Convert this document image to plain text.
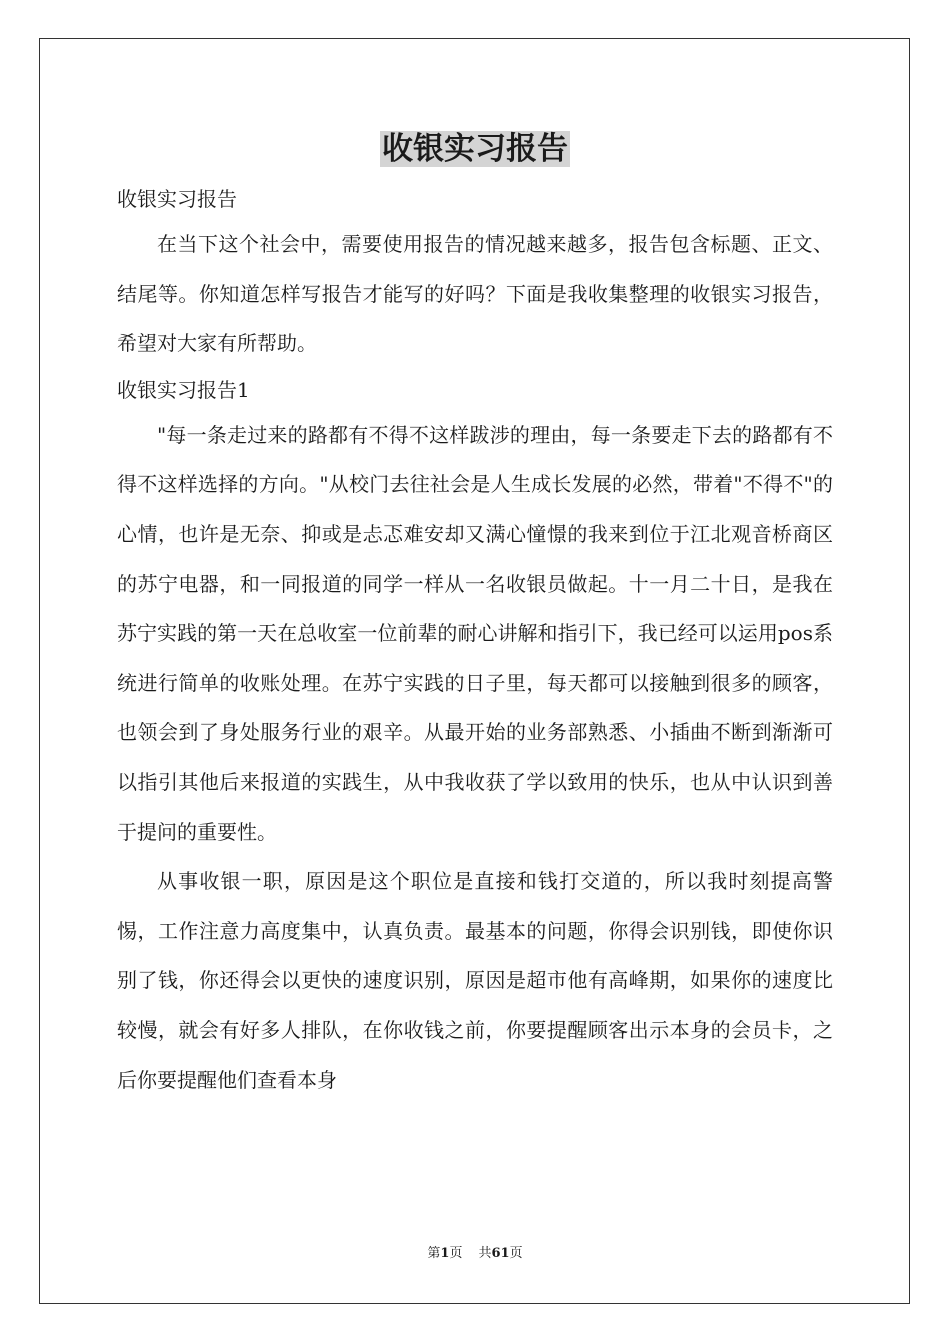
收银实习报告

收银实习报告

在当下这个社会中，需要使用报告的情况越来越多，报告包含标题、正文、结尾等。你知道怎样写报告才能写的好吗？下面是我收集整理的收银实习报告，希望对大家有所帮助。

收银实习报告1

"每一条走过来的路都有不得不这样跋涉的理由，每一条要走下去的路都有不得不这样选择的方向。"从校门去往社会是人生成长发展的必然，带着"不得不"的心情，也许是无奈、抑或是忐忑难安却又满心憧憬的我来到位于江北观音桥商区的苏宁电器，和一同报道的同学一样从一名收银员做起。十一月二十日，是我在苏宁实践的第一天在总收室一位前辈的耐心讲解和指引下，我已经可以运用pos系统进行简单的收账处理。在苏宁实践的日子里，每天都可以接触到很多的顾客，也领会到了身处服务行业的艰辛。从最开始的业务部熟悉、小插曲不断到渐渐可以指引其他后来报道的实践生，从中我收获了学以致用的快乐，也从中认识到善于提问的重要性。

从事收银一职，原因是这个职位是直接和钱打交道的，所以我时刻提高警惕，工作注意力高度集中，认真负责。最基本的问题，你得会识别钱，即使你识别了钱，你还得会以更快的速度识别，原因是超市他有高峰期，如果你的速度比较慢，就会有好多人排队，在你收钱之前，你要提醒顾客出示本身的会员卡，之后你要提醒他们查看本身

第1页 共61页
